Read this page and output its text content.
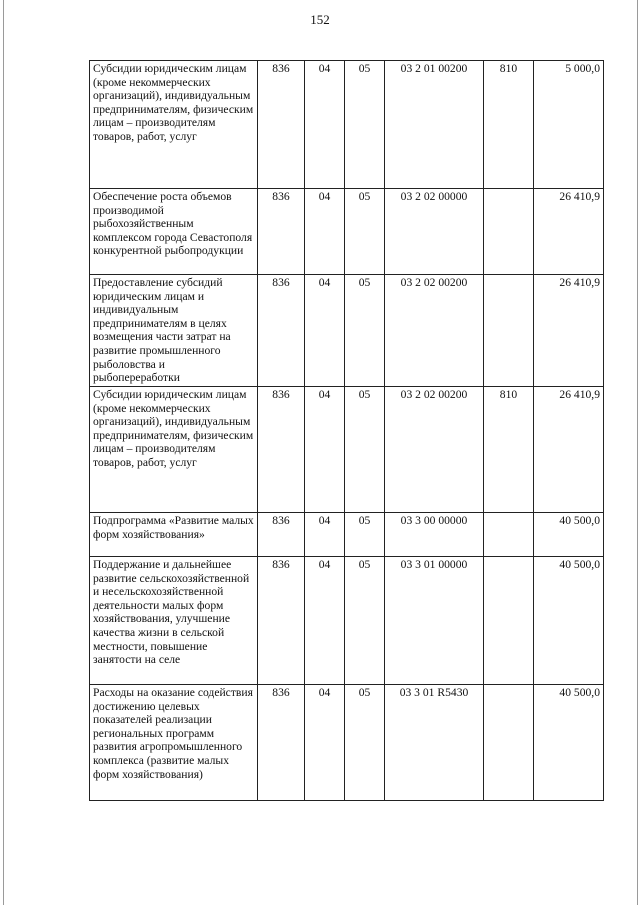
152
Субсидии юридическим лицам (кроме некоммерческих организаций), индивидуальным предпринимателям, физическим лицам – производителям товаров, работ, услуг	836	04	05	03 2 01 00200	810	5 000,0
Обеспечение роста объемов производимой рыбохозяйственным комплексом города Севастополя конкурентной рыбопродукции	836	04	05	03 2 02 00000		26 410,9
Предоставление субсидий юридическим лицам и индивидуальным предпринимателям в целях возмещения части затрат на развитие промышленного рыболовства и рыбопереработки	836	04	05	03 2 02 00200		26 410,9
Субсидии юридическим лицам (кроме некоммерческих организаций), индивидуальным предпринимателям, физическим лицам – производителям товаров, работ, услуг	836	04	05	03 2 02 00200	810	26 410,9
Подпрограмма «Развитие малых форм хозяйствования»	836	04	05	03 3 00 00000		40 500,0
Поддержание и дальнейшее развитие сельскохозяйственной и несельскохозяйственной деятельности малых форм хозяйствования, улучшение качества жизни в сельской местности, повышение занятости на селе	836	04	05	03 3 01 00000		40 500,0
Расходы на оказание содействия достижению целевых показателей реализации региональных программ развития агропромышленного комплекса (развитие малых форм хозяйствования)	836	04	05	03 3 01 R5430		40 500,0
